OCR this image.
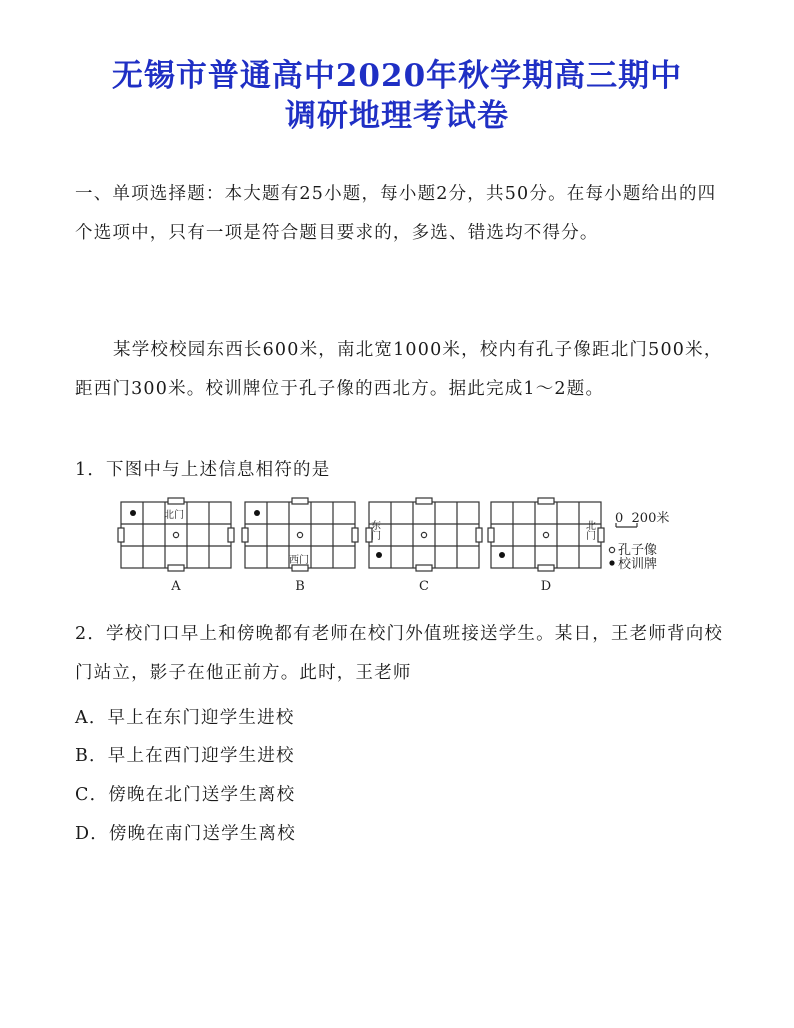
无锡市普通高中2020年秋学期高三期中
调研地理考试卷

一、单项选择题：本大题有25小题，每小题2分，共50分。在每小题给出的四个选项中，只有一项是符合题目要求的，多选、错选均不得分。

某学校校园东西长600米，南北宽1000米，校内有孔子像距北门500米，距西门300米。校训牌位于孔子像的西北方。据此完成1～2题。

1．下图中与上述信息相符的是

北门
西门
东门	北门
A	B	C	D
0  200米
孔子像
校训牌

2．学校门口早上和傍晚都有老师在校门外值班接送学生。某日，王老师背向校门站立，影子在他正前方。此时，王老师

A．早上在东门迎学生进校

B．早上在西门迎学生进校

C．傍晚在北门送学生离校

D．傍晚在南门送学生离校
